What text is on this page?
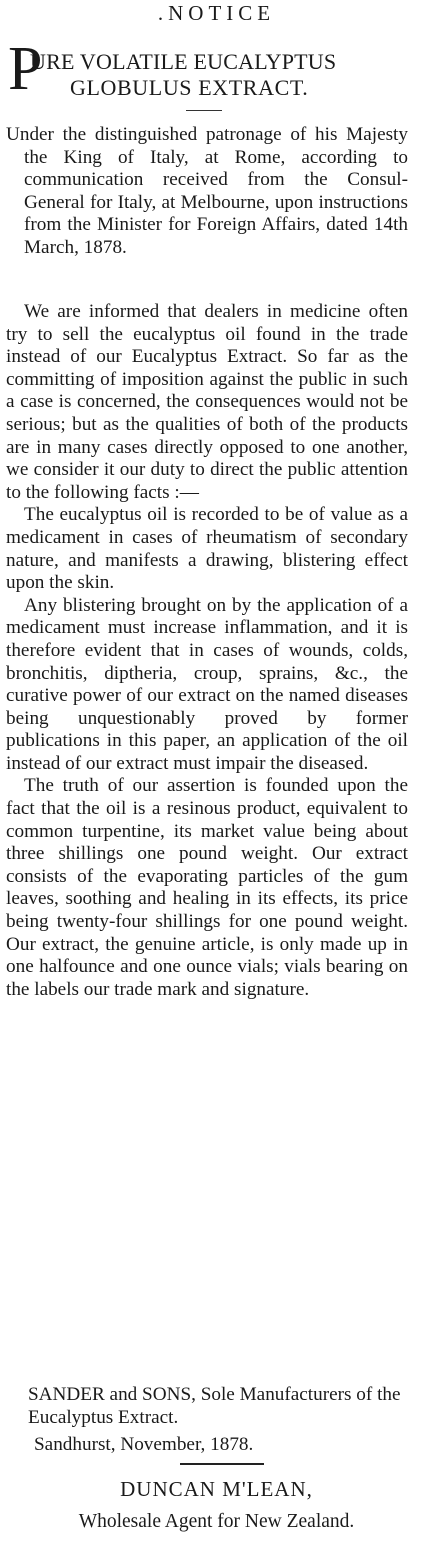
.NOTICE
P
URE VOLATILE EUCALYPTUS
GLOBULUS EXTRACT.

Under the distinguished patronage of his Majesty the King of Italy, at Rome, according to communication received from the Consul-General for Italy, at Melbourne, upon instructions from the Minister for Foreign Affairs, dated 14th March, 1878.

We are informed that dealers in medicine often try to sell the eucalyptus oil found in the trade instead of our Eucalyptus Extract. So far as the committing of imposition against the public in such a case is concerned, the consequences would not be serious; but as the qualities of both of the products are in many cases directly opposed to one another, we consider it our duty to direct the public attention to the following facts :—

The eucalyptus oil is recorded to be of value as a medicament in cases of rheumatism of secondary nature, and manifests a drawing, blistering effect upon the skin.

Any blistering brought on by the application of a medicament must increase inflammation, and it is therefore evident that in cases of wounds, colds, bronchitis, diptheria, croup, sprains, &c., the curative power of our extract on the named diseases being unquestionably proved by former publications in this paper, an application of the oil instead of our extract must impair the diseased.

The truth of our assertion is founded upon the fact that the oil is a resinous product, equivalent to common turpentine, its market value being about three shillings one pound weight. Our extract consists of the evaporating particles of the gum leaves, soothing and healing in its effects, its price being twenty-four shillings for one pound weight. Our extract, the genuine article, is only made up in one halfounce and one ounce vials; vials bearing on the labels our trade mark and signature.

SANDER and SONS, Sole Manufacturers of the Eucalyptus Extract.
Sandhurst, November, 1878.
DUNCAN M'LEAN,
Wholesale Agent for New Zealand.
